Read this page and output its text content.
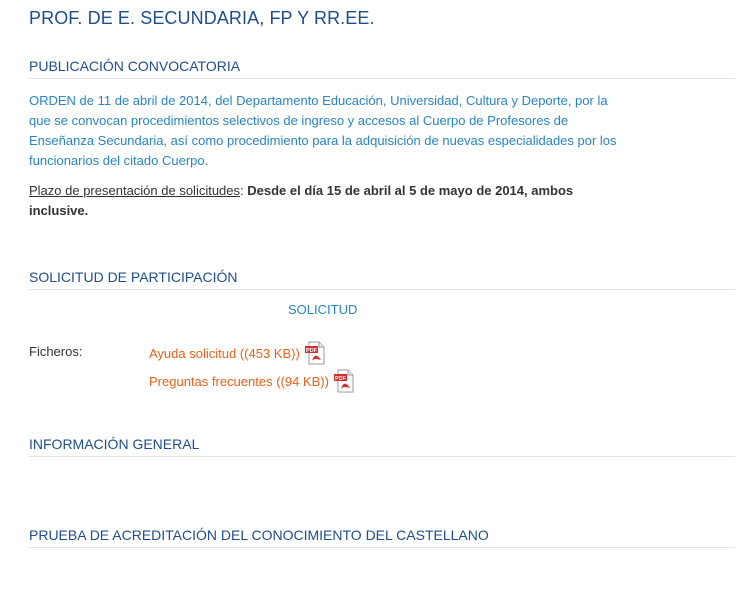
PROF. DE E. SECUNDARIA, FP Y RR.EE.
PUBLICACIÓN CONVOCATORIA

ORDEN de 11 de abril de 2014, del Departamento Educación, Universidad, Cultura y Deporte, por la que se convocan procedimientos selectivos de ingreso y accesos al Cuerpo de Profesores de Enseñanza Secundaria, así como procedimiento para la adquisición de nuevas especialidades por los funcionarios del citado Cuerpo.

Plazo de presentación de solicitudes: Desde el día 15 de abril al 5 de mayo de 2014, ambos inclusive.

SOLICITUD DE PARTICIPACIÓN
SOLICITUD
Ficheros:	Ayuda solicitud ((453 KB)) PDF
Preguntas frecuentes ((94 KB)) PDF
INFORMACIÓN GENERAL
PRUEBA DE ACREDITACIÓN DEL CONOCIMIENTO DEL CASTELLANO
